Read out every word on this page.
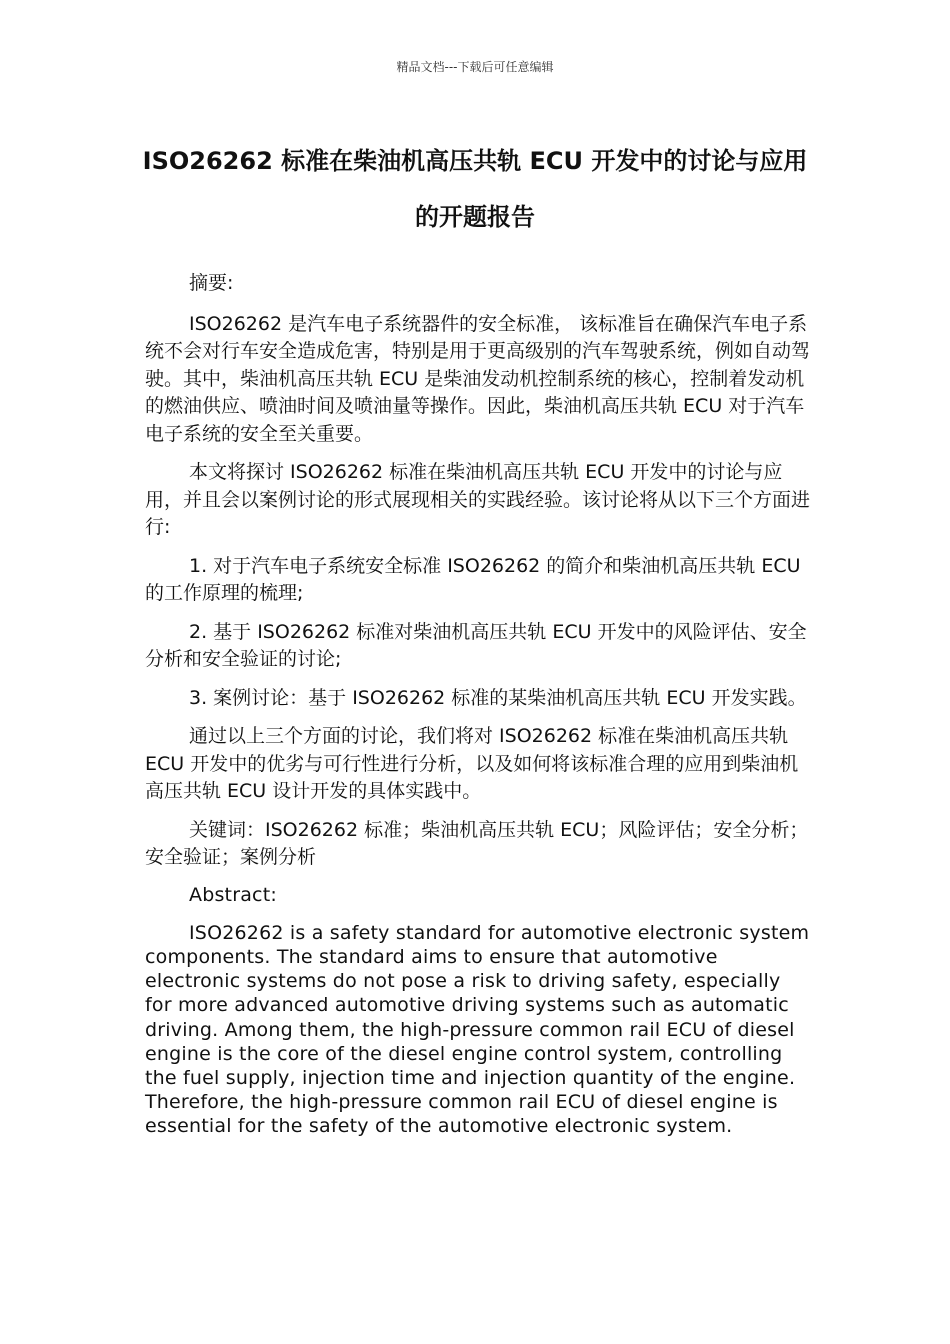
精品文档---下载后可任意编辑
ISO26262 标准在柴油机高压共轨 ECU 开发中的讨论与应用的开题报告

摘要:

ISO26262 是汽车电子系统器件的安全标准， 该标准旨在确保汽车电子系统不会对行车安全造成危害，特别是用于更高级别的汽车驾驶系统，例如自动驾驶。其中，柴油机高压共轨 ECU 是柴油发动机控制系统的核心，控制着发动机的燃油供应、喷油时间及喷油量等操作。因此，柴油机高压共轨 ECU 对于汽车电子系统的安全至关重要。

本文将探讨 ISO26262 标准在柴油机高压共轨 ECU 开发中的讨论与应用，并且会以案例讨论的形式展现相关的实践经验。该讨论将从以下三个方面进行:

1. 对于汽车电子系统安全标准 ISO26262 的简介和柴油机高压共轨 ECU 的工作原理的梳理;

2. 基于 ISO26262 标准对柴油机高压共轨 ECU 开发中的风险评估、安全分析和安全验证的讨论;

3. 案例讨论：基于 ISO26262 标准的某柴油机高压共轨 ECU 开发实践。

通过以上三个方面的讨论，我们将对 ISO26262 标准在柴油机高压共轨 ECU 开发中的优劣与可行性进行分析，以及如何将该标准合理的应用到柴油机高压共轨 ECU 设计开发的具体实践中。

关键词：ISO26262 标准；柴油机高压共轨 ECU；风险评估；安全分析；安全验证；案例分析

Abstract:

ISO26262 is a safety standard for automotive electronic system components. The standard aims to ensure that automotive electronic systems do not pose a risk to driving safety, especially for more advanced automotive driving systems such as automatic driving. Among them, the high-pressure common rail ECU of diesel engine is the core of the diesel engine control system, controlling the fuel supply, injection time and injection quantity of the engine. Therefore, the high-pressure common rail ECU of diesel engine is essential for the safety of the automotive electronic system.
